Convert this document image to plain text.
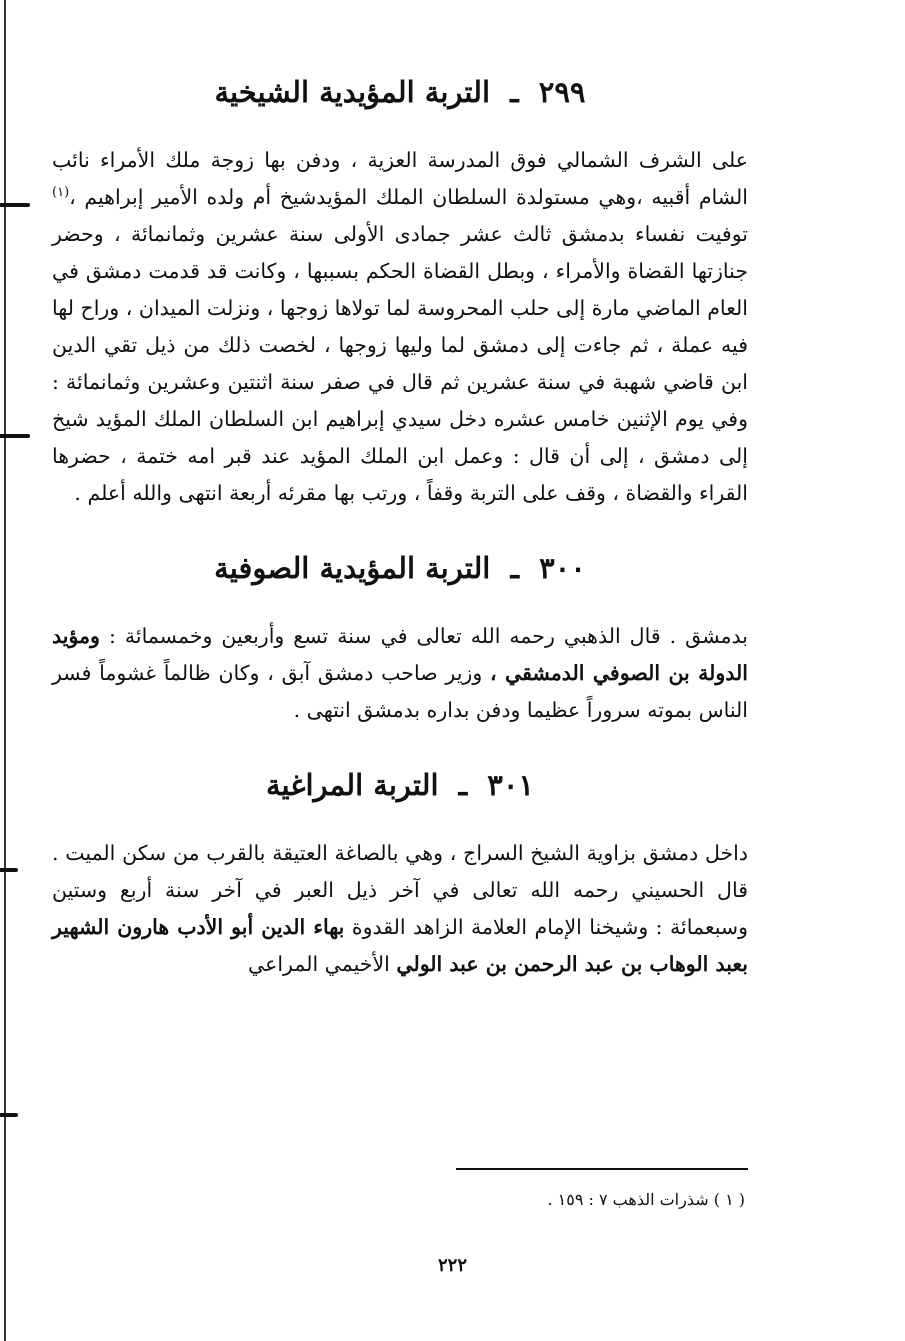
٢٩٩ ـ التربة المؤيدية الشيخية

على الشرف الشمالي فوق المدرسة العزية ، ودفن بها زوجة ملك الأمراء نائب الشام أقبيه ،وهي مستولدة السلطان الملك المؤيدشيخ أم ولده الأمير إبراهيم ،$^{(١)}$ توفيت نفساء بدمشق ثالث عشر جمادى الأولى سنة عشرين وثمانمائة ، وحضر جنازتها القضاة والأمراء ، وبطل القضاة الحكم بسببها ، وكانت قد قدمت دمشق في العام الماضي مارة إلى حلب المحروسة لما تولاها زوجها ، ونزلت الميدان ، وراح لها فيه عملة ، ثم جاءت إلى دمشق لما وليها زوجها ، لخصت ذلك من ذيل تقي الدين ابن قاضي شهبة في سنة عشرين ثم قال في صفر سنة اثنتين وعشرين وثمانمائة : وفي يوم الإثنين خامس عشره دخل سيدي إبراهيم ابن السلطان الملك المؤيد شيخ إلى دمشق ، إلى أن قال : وعمل ابن الملك المؤيد عند قبر امه ختمة ، حضرها القراء والقضاة ، وقف على التربة وقفاً ، ورتب بها مقرئه أربعة انتهى والله أعلم .

٣٠٠ ـ التربة المؤيدية الصوفية

بدمشق . قال الذهبي رحمه الله تعالى في سنة تسع وأربعين وخمسمائة : ومؤيد الدولة بن الصوفي الدمشقي ، وزير صاحب دمشق آبق ، وكان ظالماً غشوماً فسر الناس بموته سروراً عظيما ودفن بداره بدمشق انتهى .

٣٠١ ـ التربة المراغية

داخل دمشق بزاوية الشيخ السراج ، وهي بالصاغة العتيقة بالقرب من سكن الميت . قال الحسيني رحمه الله تعالى في آخر ذيل العبر في آخر سنة أربع وستين وسبعمائة : وشيخنا الإمام العلامة الزاهد القدوة بهاء الدين أبو الأدب هارون الشهير بعبد الوهاب بن عبد الرحمن بن عبد الولي الأخيمي المراعي

( ١ ) شذرات الذهب ٧ : ١٥٩ .
٢٢٢
